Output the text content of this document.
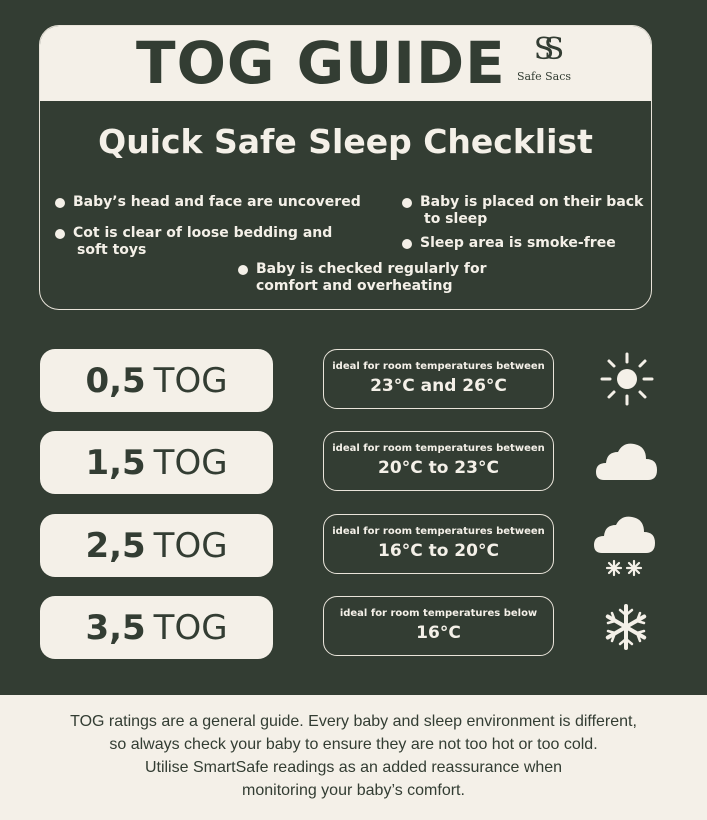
TOG GUIDE SS
Safe Sacs
Quick Safe Sleep Checklist
Baby’s head and face are uncovered
Cot is clear of loose bedding and
soft toys
Baby is placed on their back
to sleep
Sleep area is smoke-free
Baby is checked regularly for
comfort and overheating
0,5 TOG	ideal for room temperatures between
23°C and 26°C
1,5 TOG	ideal for room temperatures between
20°C to 23°C
2,5 TOG	ideal for room temperatures between
16°C to 20°C
3,5 TOG	ideal for room temperatures below
16°C
TOG ratings are a general guide. Every baby and sleep environment is different,
so always check your baby to ensure they are not too hot or too cold.
Utilise SmartSafe readings as an added reassurance when
monitoring your baby’s comfort.
